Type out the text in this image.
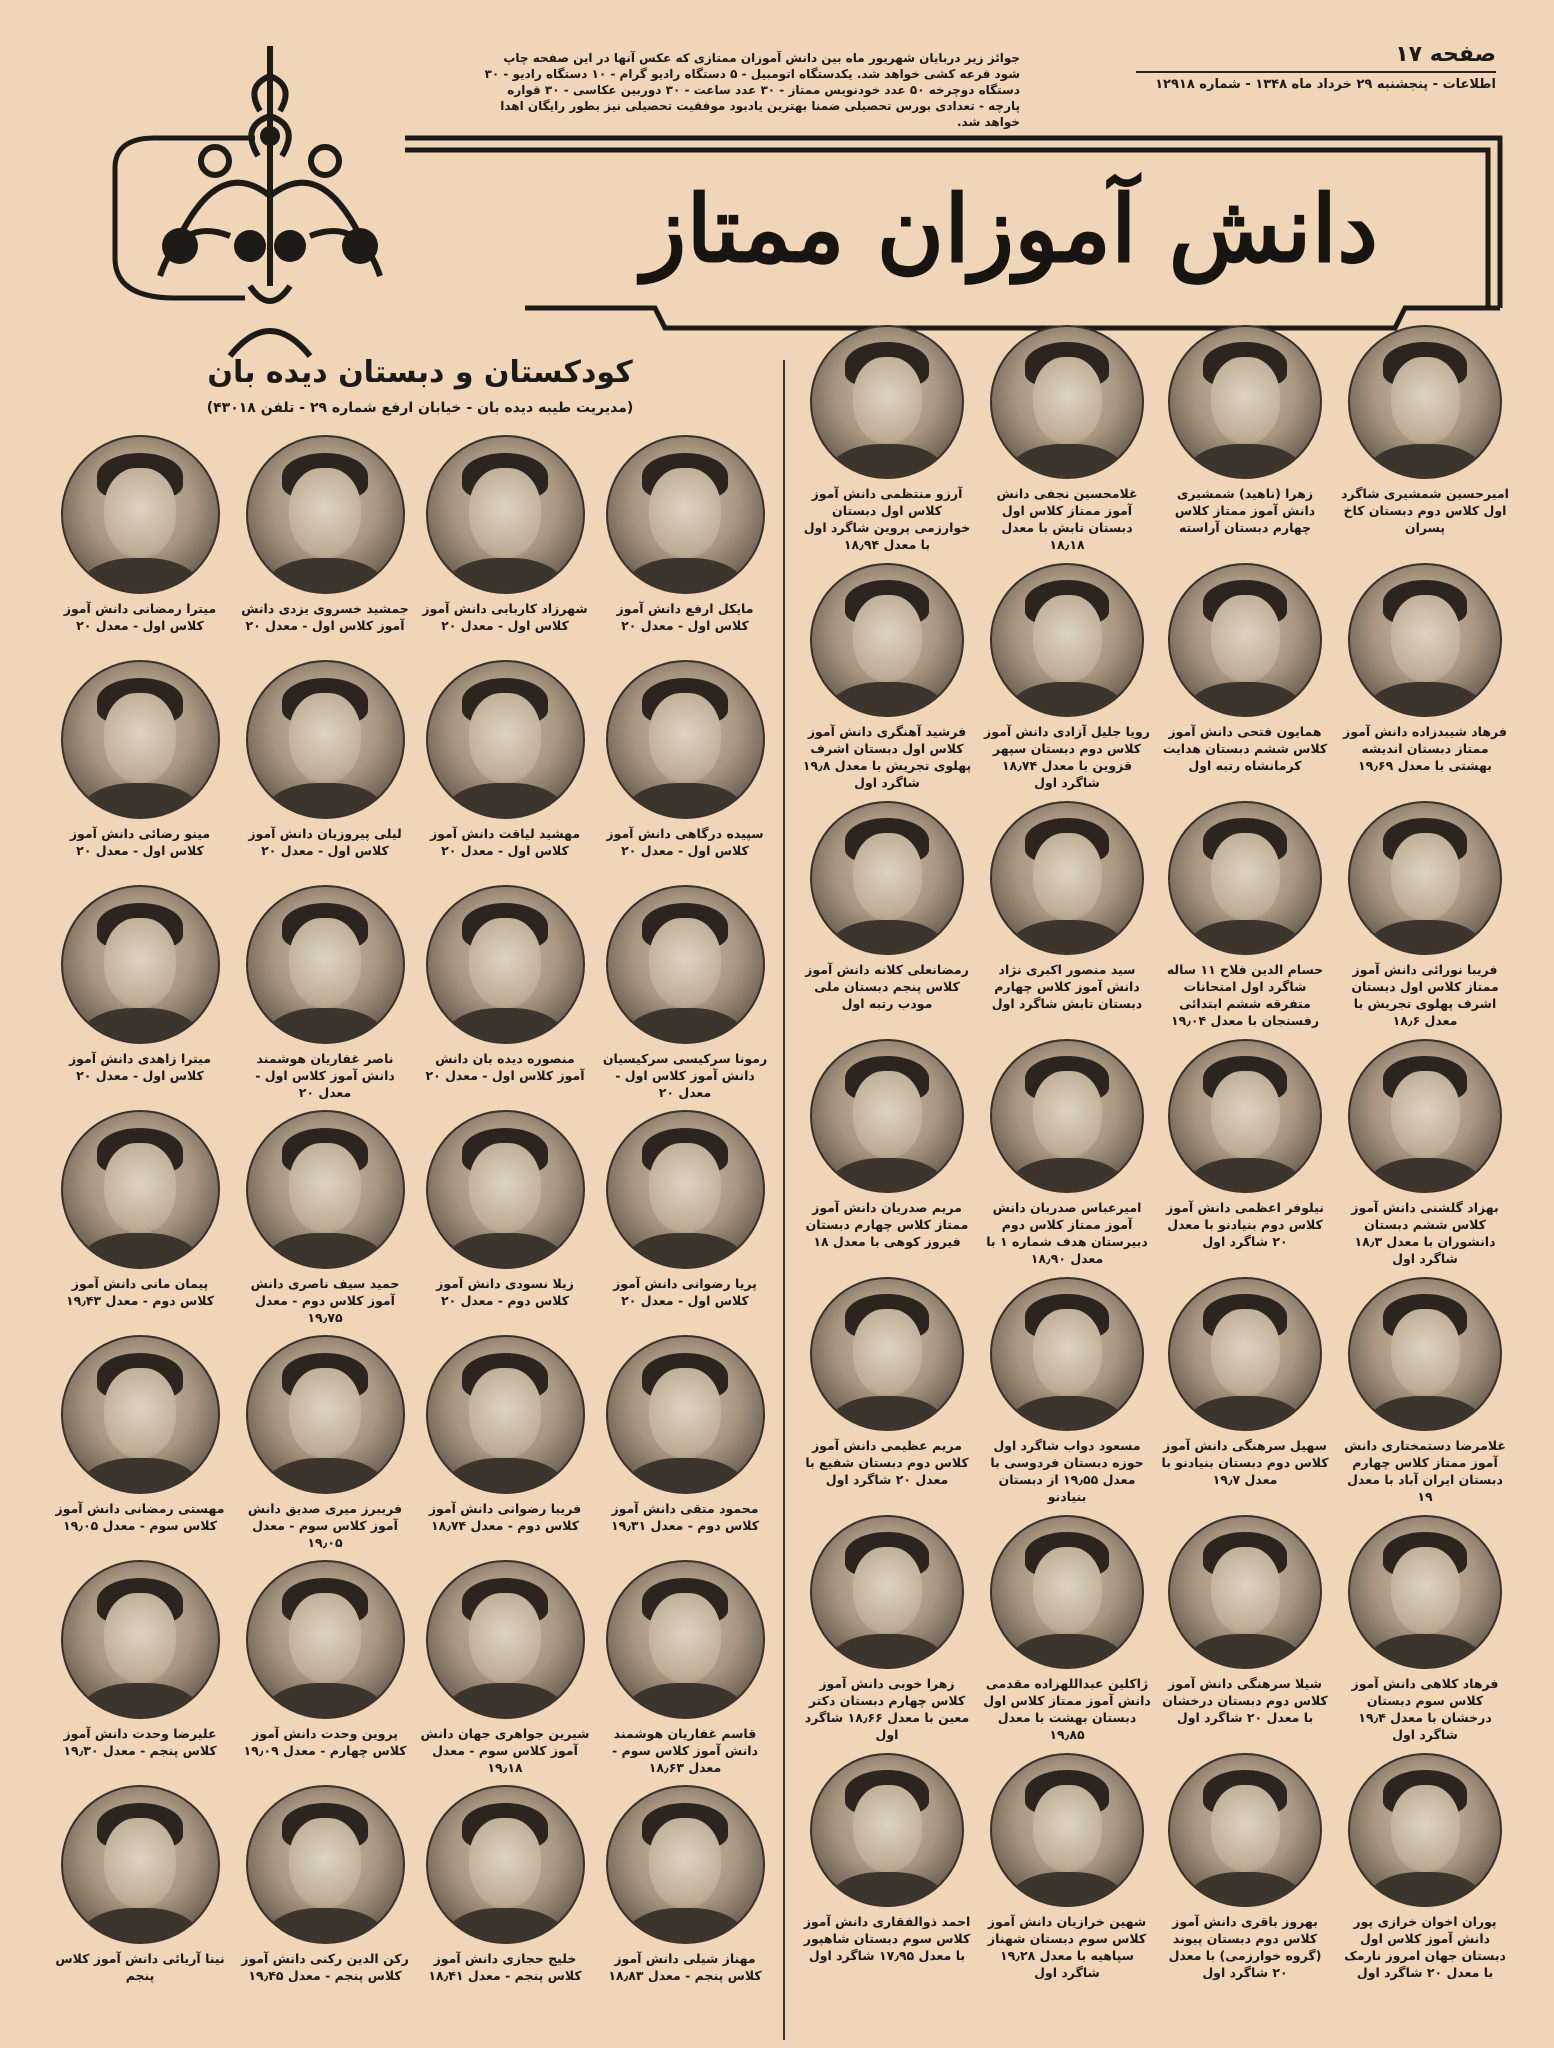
صفحه ۱۷
اطلاعات - پنجشنبه ۲۹ خرداد ماه ۱۳۴۸ - شماره ۱۲۹۱۸
جوائز زیر دربایان شهریور ماه بین دانش آموزان ممتازی که عکس آنها در این صفحه چاپ شود قرعه کشی خواهد شد. یکدستگاه اتومبیل - ۵ دستگاه رادیو گرام - ۱۰ دستگاه رادیو - ۳۰ دستگاه دوچرخه ۵۰ عدد خودنویس ممتاز - ۳۰ عدد ساعت - ۳۰ دوربین عکاسی - ۳۰ قواره پارچه - تعدادی بورس تحصیلی ضمنا بهترین یادبود موفقیت تحصیلی نیز بطور رایگان اهدا خواهد شد.
دانش آموزان ممتاز
کودکستان و دبستان دیده بان
(مدیریت طیبه دیده بان - خیابان ارفع شماره ۲۹ - تلفن ۴۳۰۱۸)
امیرحسین شمشیری شاگرد اول کلاس دوم دبستان کاخ پسران
زهرا (ناهید) شمشیری دانش آموز ممتاز کلاس چهارم دبستان آراسته
غلامحسین نجفی دانش آموز ممتاز کلاس اول دبستان تابش با معدل ۱۸٫۱۸
آرزو منتظمی دانش آموز کلاس اول دبستان خوارزمی پروین شاگرد اول با معدل ۱۸٫۹۴
فرهاد شیبدزاده دانش آموز ممتاز دبستان اندیشه بهشتی با معدل ۱۹٫۶۹
همایون فتحی دانش آموز کلاس ششم دبستان هدایت کرمانشاه رتبه اول
رویا جلیل آزادی دانش آموز کلاس دوم دبستان سپهر قزوین با معدل ۱۸٫۷۴ شاگرد اول
فرشید آهنگری دانش آموز کلاس اول دبستان اشرف پهلوی تجریش با معدل ۱۹٫۸ شاگرد اول
فریبا نورائی دانش آموز ممتاز کلاس اول دبستان اشرف پهلوی تجریش با معدل ۱۸٫۶
حسام الدین فلاح ۱۱ ساله شاگرد اول امتحانات متفرقه ششم ابتدائی رفسنجان با معدل ۱۹٫۰۴
سید منصور اکبری نژاد دانش آموز کلاس چهارم دبستان تابش شاگرد اول
رمضانعلی کلانه دانش آموز کلاس پنجم دبستان ملی مودب رتبه اول
بهزاد گلشنی دانش آموز کلاس ششم دبستان دانشوران با معدل ۱۸٫۳ شاگرد اول
نیلوفر اعظمی دانش آموز کلاس دوم بنیادنو با معدل ۲۰ شاگرد اول
امیرعباس صدریان دانش آموز ممتاز کلاس دوم دبیرستان هدف شماره ۱ با معدل ۱۸٫۹۰
مریم صدریان دانش آموز ممتاز کلاس چهارم دبستان فیروز کوهی با معدل ۱۸
غلامرضا دستمختاری دانش آموز ممتاز کلاس چهارم دبستان ایران آباد با معدل ۱۹
سهیل سرهنگی دانش آموز کلاس دوم دبستان بنیادنو با معدل ۱۹٫۷
مسعود دواب شاگرد اول حوزه دبستان فردوسی با معدل ۱۹٫۵۵ از دبستان بنیادنو
مریم عظیمی دانش آموز کلاس دوم دبستان شفیع با معدل ۲۰ شاگرد اول
فرهاد کلاهی دانش آموز کلاس سوم دبستان درخشان با معدل ۱۹٫۴ شاگرد اول
شیلا سرهنگی دانش آموز کلاس دوم دبستان درخشان با معدل ۲۰ شاگرد اول
ژاکلین عبداللهزاده مقدمی دانش آموز ممتاز کلاس اول دبستان بهشت با معدل ۱۹٫۸۵
زهرا خوبی دانش آموز کلاس چهارم دبستان دکتر معین با معدل ۱۸٫۶۶ شاگرد اول
پوران اخوان خرازی پور دانش آموز کلاس اول دبستان جهان امروز نارمک با معدل ۲۰ شاگرد اول
بهروز باقری دانش آموز کلاس دوم دبستان پیوند (گروه خوارزمی) با معدل ۲۰ شاگرد اول
شهین خرازیان دانش آموز کلاس سوم دبستان شهناز سپاهیه با معدل ۱۹٫۲۸ شاگرد اول
احمد ذوالفقاری دانش آموز کلاس سوم دبستان شاهپور با معدل ۱۷٫۹۵ شاگرد اول
مایکل ارفع دانش آموز کلاس اول - معدل ۲۰
شهرزاد کاربابی دانش آموز کلاس اول - معدل ۲۰
جمشید خسروی یزدی دانش آموز کلاس اول - معدل ۲۰
میترا رمضانی دانش آموز کلاس اول - معدل ۲۰
سپیده درگاهی دانش آموز کلاس اول - معدل ۲۰
مهشید لیاقت دانش آموز کلاس اول - معدل ۲۰
لیلی پیروزیان دانش آموز کلاس اول - معدل ۲۰
مینو رضائی دانش آموز کلاس اول - معدل ۲۰
رمونا سرکیسی سرکیسیان دانش آموز کلاس اول - معدل ۲۰
منصوره دیده بان دانش آموز کلاس اول - معدل ۲۰
ناصر غفاریان هوشمند دانش آموز کلاس اول - معدل ۲۰
میترا زاهدی دانش آموز کلاس اول - معدل ۲۰
پریا رضوانی دانش آموز کلاس اول - معدل ۲۰
زیلا نسودی دانش آموز کلاس دوم - معدل ۲۰
حمید سیف ناصری دانش آموز کلاس دوم - معدل ۱۹٫۷۵
پیمان مانی دانش آموز کلاس دوم - معدل ۱۹٫۴۳
محمود متقی دانش آموز کلاس دوم - معدل ۱۹٫۳۱
فریبا رضوانی دانش آموز کلاس دوم - معدل ۱۸٫۷۴
فریبرز میری صدیق دانش آموز کلاس سوم - معدل ۱۹٫۰۵
مهستی رمضانی دانش آموز کلاس سوم - معدل ۱۹٫۰۵
قاسم غفاریان هوشمند دانش آموز کلاس سوم - معدل ۱۸٫۶۳
شیرین جواهری جهان دانش آموز کلاس سوم - معدل ۱۹٫۱۸
پروین وحدت دانش آموز کلاس چهارم - معدل ۱۹٫۰۹
علیرضا وحدت دانش آموز کلاس پنجم - معدل ۱۹٫۳۰
مهناز شیلی دانش آموز کلاس پنجم - معدل ۱۸٫۸۳
خلیج حجازی دانش آموز کلاس پنجم - معدل ۱۸٫۴۱
رکن الدین رکنی دانش آموز کلاس پنجم - معدل ۱۹٫۴۵
نینا آریائی دانش آموز کلاس پنجم
